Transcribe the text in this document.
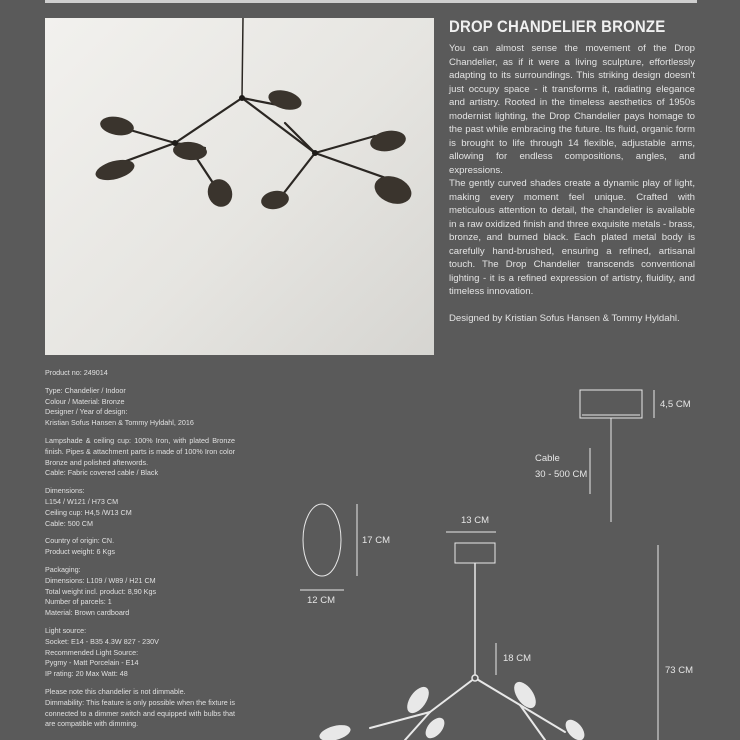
DROP CHANDELIER BRONZE

You can almost sense the movement of the Drop Chandelier, as if it were a living sculpture, effortlessly adapting to its surroundings. This striking design doesn't just occupy space - it transforms it, radiating elegance and artistry. Rooted in the timeless aesthetics of 1950s modernist lighting, the Drop Chandelier pays homage to the past while embracing the future. Its fluid, organic form is brought to life through 14 flexible, adjustable arms, allowing for endless compositions, angles, and expressions.

The gently curved shades create a dynamic play of light, making every moment feel unique. Crafted with meticulous attention to detail, the chandelier is available in a raw oxidized finish and three exquisite metals - brass, bronze, and burned black. Each plated metal body is carefully hand-brushed, ensuring a refined, artisanal touch. The Drop Chandelier transcends conventional lighting - it is a refined expression of artistry, fluidity, and timeless innovation.

Designed by Kristian Sofus Hansen & Tommy Hyldahl.

Product no: 249014
Type: Chandelier / Indoor
Colour / Material: Bronze
Designer / Year of design:
Kristian Sofus Hansen & Tommy Hyldahl, 2016
Lampshade & ceiling cup: 100% Iron, with plated Bronze finish. Pipes & attachment parts is made of 100% Iron color Bronze and polished afterwords.
Cable: Fabric covered cable / Black
Dimensions:
L154 / W121 / H73 CM
Ceiling cup: H4,5 /W13 CM
Cable: 500 CM
Country of origin: CN.
Product weight: 6 Kgs
Packaging:
Dimensions: L109 / W89 / H21 CM
Total weight incl. product: 8,90 Kgs
Number of parcels: 1
Material: Brown cardboard
Light source:
Socket: E14 - B35 4.3W 827 - 230V
Recommended Light Source:
Pygmy - Matt Porcelain - E14
IP rating: 20 Max Watt: 48
Please note this chandelier is not dimmable.
Dimmability: This feature is only possible when the fixture is connected to a dimmer switch and equipped with bulbs that are compatible with dimming.
4,5 CM
Cable
30 - 500 CM
13 CM
17 CM
12 CM
18 CM
73 CM
